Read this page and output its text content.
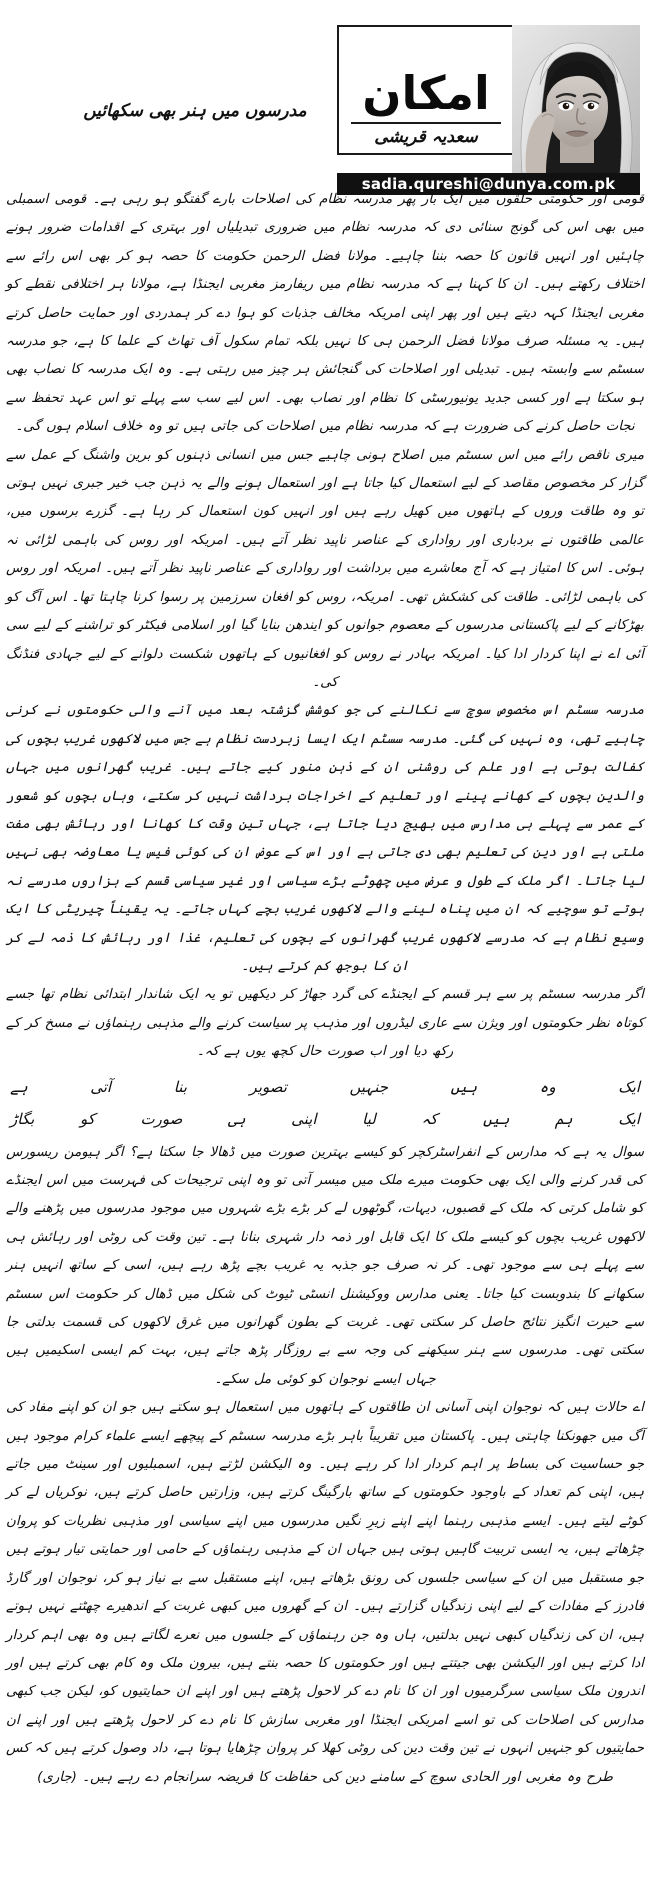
امکان
سعدیہ قریشی
sadia.qureshi@dunya.com.pk
مدرسوں میں ہنر بھی سکھائیں

قومی اور حکومتی حلقوں میں ایک بار پھر مدرسہ نظام کی اصلاحات بارے گفتگو ہو رہی ہے۔ قومی اسمبلی میں بھی اس کی گونج سنائی دی کہ مدرسہ نظام میں ضروری تبدیلیاں اور بہتری کے اقدامات ضرور ہونے چاہئیں اور انہیں قانون کا حصہ بننا چاہیے۔ مولانا فضل الرحمن حکومت کا حصہ ہو کر بھی اس رائے سے اختلاف رکھتے ہیں۔ ان کا کہنا ہے کہ مدرسہ نظام میں ریفارمز مغربی ایجنڈا ہے، مولانا ہر اختلافی نقطے کو مغربی ایجنڈا کہہ دیتے ہیں اور پھر اپنی امریکہ مخالف جذبات کو ہوا دے کر ہمدردی اور حمایت حاصل کرتے ہیں۔ یہ مسئلہ صرف مولانا فضل الرحمن ہی کا نہیں بلکہ تمام سکول آف تھاٹ کے علما کا ہے، جو مدرسہ سسٹم سے وابستہ ہیں۔ تبدیلی اور اصلاحات کی گنجائش ہر چیز میں رہتی ہے۔ وہ ایک مدرسہ کا نصاب بھی ہو سکتا ہے اور کسی جدید یونیورسٹی کا نظام اور نصاب بھی۔ اس لیے سب سے پہلے تو اس عہد تحفظ سے نجات حاصل کرنے کی ضرورت ہے کہ مدرسہ نظام میں اصلاحات کی جاتی ہیں تو وہ خلاف اسلام ہوں گی۔

میری ناقص رائے میں اس سسٹم میں اصلاح ہونی چاہیے جس میں انسانی ذہنوں کو برین واشنگ کے عمل سے گزار کر مخصوص مقاصد کے لیے استعمال کیا جاتا ہے اور استعمال ہونے والے یہ ذہن جب خیر جبری نہیں ہوتی تو وہ طاقت وروں کے ہاتھوں میں کھیل رہے ہیں اور انہیں کون استعمال کر رہا ہے۔ گزرے برسوں میں، عالمی طاقتوں نے بردباری اور رواداری کے عناصر ناپید نظر آتے ہیں۔ امریکہ اور روس کی باہمی لڑائی نہ ہوئی۔ اس کا امتیاز ہے کہ آج معاشرے میں برداشت اور رواداری کے عناصر ناپید نظر آتے ہیں۔ امریکہ اور روس کی باہمی لڑائی۔ طاقت کی کشکش تھی۔ امریکہ، روس کو افغان سرزمین پر رسوا کرنا چاہتا تھا۔ اس آگ کو بھڑکانے کے لیے پاکستانی مدرسوں کے معصوم جوانوں کو ایندھن بنایا گیا اور اسلامی فیکٹر کو تراشنے کے لیے سی آئی اے نے اپنا کردار ادا کیا۔ امریکہ بہادر نے روس کو افغانیوں کے ہاتھوں شکست دلوانے کے لیے جہادی فنڈنگ کی۔

مدرسہ سسٹم اس مخصوص سوچ سے نکالنے کی جو کوشش گزشتہ بعد میں آنے والی حکومتوں نے کرنی چاہیے تھی، وہ نہیں کی گئی۔ مدرسہ سسٹم ایک ایسا زبردست نظام ہے جس میں لاکھوں غریب بچوں کی کفالت ہوتی ہے اور علم کی روشنی ان کے ذہن منور کیے جاتے ہیں۔ غریب گھرانوں میں جہاں والدین بچوں کے کھانے پینے اور تعلیم کے اخراجات برداشت نہیں کر سکتے، وہاں بچوں کو شعور کے عمر سے پہلے ہی مدارس میں بھیج دیا جاتا ہے، جہاں تین وقت کا کھانا اور رہائش بھی مفت ملتی ہے اور دین کی تعلیم بھی دی جاتی ہے اور اس کے عوض ان کی کوئی فیس یا معاوضہ بھی نہیں لیا جاتا۔ اگر ملک کے طول و عرض میں چھوٹے بڑے سیاسی اور غیر سیاسی قسم کے ہزاروں مدرسے نہ ہوتے تو سوچیے کہ ان میں پناہ لینے والے لاکھوں غریب بچے کہاں جاتے۔ یہ یقیناً چیریٹی کا ایک وسیع نظام ہے کہ مدرسے لاکھوں غریب گھرانوں کے بچوں کی تعلیم، غذا اور رہائش کا ذمہ لے کر ان کا بوجھ کم کرتے ہیں۔

اگر مدرسہ سسٹم پر سے ہر قسم کے ایجنڈے کی گرد جھاڑ کر دیکھیں تو یہ ایک شاندار ابتدائی نظام تھا جسے کوتاہ نظر حکومتوں اور ویژن سے عاری لیڈروں اور مذہب پر سیاست کرنے والے مذہبی رہنماؤں نے مسخ کر کے رکھ دیا اور اب صورت حال کچھ یوں ہے کہ۔

ایک
وہ
ہیں
جنہیں
تصویر
بنا
آتی
ہے
ایک
ہم
ہیں
کہ
لیا
اپنی
ہی
صورت
کو
بگاڑ

سوال یہ ہے کہ مدارس کے انفراسٹرکچر کو کیسے بہترین صورت میں ڈھالا جا سکتا ہے؟ اگر ہیومن ریسورس کی قدر کرنے والی ایک بھی حکومت میرے ملک میں میسر آتی تو وہ اپنی ترجیحات کی فہرست میں اس ایجنڈے کو شامل کرتی کہ ملک کے قصبوں، دیہات، گوٹھوں لے کر بڑے بڑے شہروں میں موجود مدرسوں میں پڑھنے والے لاکھوں غریب بچوں کو کیسے ملک کا ایک قابل اور ذمہ دار شہری بنانا ہے۔ تین وقت کی روٹی اور رہائش ہی سے پہلے ہی سے موجود تھی۔ کر نہ صرف جو جذبہ یہ غریب بچے پڑھ رہے ہیں، اسی کے ساتھ انہیں ہنر سکھانے کا بندوبست کیا جاتا۔ یعنی مدارس ووکیشنل انسٹی ٹیوٹ کی شکل میں ڈھال کر حکومت اس سسٹم سے حیرت انگیز نتائج حاصل کر سکتی تھی۔ غربت کے بطون گھرانوں میں غرق لاکھوں کی قسمت بدلتی جا سکتی تھی۔ مدرسوں سے ہنر سیکھنے کی وجہ سے بے روزگار پڑھ جاتے ہیں، بہت کم ایسی اسکیمیں ہیں جہاں ایسے نوجوان کو کوئی مل سکے۔

اے حالات ہیں کہ نوجوان اپنی آسانی ان طاقتوں کے ہاتھوں میں استعمال ہو سکتے ہیں جو ان کو اپنے مفاد کی آگ میں جھونکنا چاہتی ہیں۔ پاکستان میں تقریباً باہر بڑے مدرسہ سسٹم کے پیچھے ایسے علماء کرام موجود ہیں جو حساسیت کی بساط پر اہم کردار ادا کر رہے ہیں۔ وہ الیکشن لڑتے ہیں، اسمبلیوں اور سینٹ میں جاتے ہیں، اپنی کم تعداد کے باوجود حکومتوں کے ساتھ بارگینگ کرتے ہیں، وزارتیں حاصل کرتے ہیں، نوکریاں لے کر کوٹے لیتے ہیں۔ ایسے مذہبی رہنما اپنے اپنے زیرِ نگیں مدرسوں میں اپنے سیاسی اور مذہبی نظریات کو پروان چڑھاتے ہیں، یہ ایسی تربیت گاہیں ہوتی ہیں جہاں ان کے مذہبی رہنماؤں کے حامی اور حمایتی تیار ہوتے ہیں جو مستقبل میں ان کے سیاسی جلسوں کی رونق بڑھاتے ہیں، اپنے مستقبل سے بے نیاز ہو کر، نوجوان اور گارڈ فادرز کے مفادات کے لیے اپنی زندگیاں گزارتے ہیں۔ ان کے گھروں میں کبھی غربت کے اندھیرے چھٹتے نہیں ہوتے ہیں، ان کی زندگیاں کبھی نہیں بدلتیں، ہاں وہ جن رہنماؤں کے جلسوں میں نعرے لگاتے ہیں وہ بھی اہم کردار ادا کرتے ہیں اور الیکشن بھی جیتتے ہیں اور حکومتوں کا حصہ بنتے ہیں، بیرون ملک وہ کام بھی کرتے ہیں اور اندرون ملک سیاسی سرگرمیوں اور ان کا نام دے کر لاحول پڑھتے ہیں اور اپنے ان حمایتیوں کو، لیکن جب کبھی مدارس کی اصلاحات کی تو اسے امریکی ایجنڈا اور مغربی سازش کا نام دے کر لاحول پڑھتے ہیں اور اپنے ان حمایتیوں کو جنہیں انہوں نے تین وقت دین کی روٹی کھلا کر پروان چڑھایا ہوتا ہے، داد وصول کرتے ہیں کہ کس طرح وہ مغربی اور الحادی سوچ کے سامنے دین کی حفاظت کا فریضہ سرانجام دے رہے ہیں۔ (جاری)
